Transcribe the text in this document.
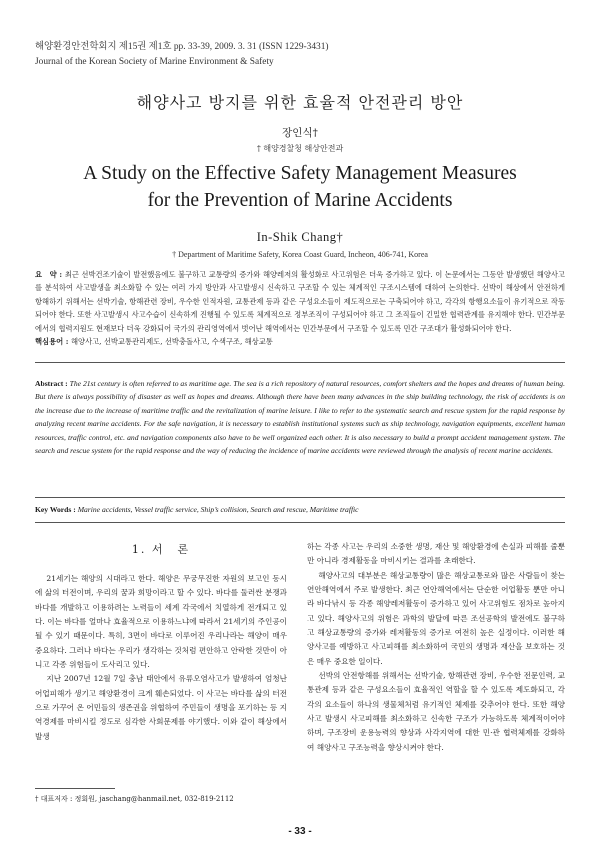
해양환경안전학회지 제15권 제1호 pp. 33-39, 2009. 3. 31 (ISSN 1229-3431)
Journal of the Korean Society of Marine Environment & Safety
해양사고 방지를 위한 효율적 안전관리 방안
장인식†
† 해양경찰청 해상안전과
A Study on the Effective Safety Management Measures
for the Prevention of Marine Accidents
In-Shik Chang†
† Department of Maritime Safety, Korea Coast Guard, Incheon, 406-741, Korea
요　약 : 최근 선박건조기술이 발전했음에도 불구하고 교통량의 증가와 해양레저의 활성화로 사고위험은 더욱 증가하고 있다. 이 논문에서는 그동안 발생했던 해양사고를 분석하여 사고발생을 최소화할 수 있는 여러 가지 방안과 사고발생시 신속하고 구조할 수 있는 체계적인 구조시스템에 대하여 논의한다. 선박이 해상에서 안전하게 항해하기 위해서는 선박기술, 항해관련 장비, 우수한 인적자원, 교통관제 등과 같은 구성요소들이 제도적으로는 구축되어야 하고, 각각의 항행요소들이 유기적으로 작동되어야 한다. 또한 사고발생시 사고수습이 신속하게 진행될 수 있도록 체계적으로 정부조직이 구성되어야 하고 그 조직들이 긴밀한 협력관계를 유지해야 한다. 민간부문에서의 협력지원도 현재보다 더욱 강화되어 국가의 관리영역에서 벗어난 해역에서는 민간부문에서 구조할 수 있도록 민간 구조대가 활성화되어야 한다.
핵심용어 : 해양사고, 선박교통관리제도, 선박충돌사고, 수색구조, 해상교통
Abstract : The 21st century is often referred to as maritime age. The sea is a rich repository of natural resources, comfort shelters and the hopes and dreams of human being. But there is always possibility of disaster as well as hopes and dreams. Although there have been many advances in the ship building technology, the risk of accidents is on the increase due to the increase of maritime traffic and the revitalization of marine leisure. I like to refer to the systematic search and rescue system for the rapid response by analyzing recent marine accidents. For the safe navigation, it is necessary to establish institutional systems such as ship technology, navigation equipments, excellent human resources, traffic control, etc. and navigation components also have to be well organized each other. It is also necessary to build a prompt accident management system. The search and rescue system for the rapid response and the way of reducing the incidence of marine accidents were reviewed through the analysis of recent marine accidents.
Key Words : Marine accidents, Vessel traffic service, Ship’s collision, Search and rescue, Maritime traffic
1. 서　론

21세기는 해양의 시대라고 한다. 해양은 무궁무진한 자원의 보고인 동시에 삶의 터전이며, 우리의 꿈과 희망이라고 할 수 있다. 바다를 둘러싼 분쟁과 바다를 개발하고 이용하려는 노력들이 세계 각국에서 치열하게 전개되고 있다. 이는 바다를 얼마나 효율적으로 이용하느냐에 따라서 21세기의 주인공이 될 수 있기 때문이다. 특히, 3면이 바다로 이루어진 우리나라는 해양이 매우 중요하다. 그러나 바다는 우리가 생각하는 것처럼 편안하고 안락한 것만이 아니고 각종 위험들이 도사리고 있다.

지난 2007년 12월 7일 충남 태안에서 유류오염사고가 발생하여 엄청난 어업피해가 생기고 해양환경이 크게 훼손되었다. 이 사고는 바다를 삶의 터전으로 가꾸어 온 어민들의 생존권을 위협하여 주민들이 생명을 포기하는 등 지역경제를 마비시킬 정도로 심각한 사회문제를 야기했다. 이와 같이 해상에서 발생

하는 각종 사고는 우리의 소중한 생명, 재산 및 해양환경에 손실과 피해를 줄뿐만 아니라 경제활동을 마비시키는 결과를 초래한다.

해양사고의 대부분은 해상교통량이 많은 해상교통로와 많은 사람들이 찾는 연안해역에서 주로 발생한다. 최근 연안해역에서는 단순한 어업활동 뿐만 아니라 바다낚시 등 각종 해양레저활동이 증가하고 있어 사고위험도 점차로 높아지고 있다. 해양사고의 위험은 과학의 발달에 따른 조선공학의 발전에도 불구하고 해상교통량의 증가와 레저활동의 증가로 여전히 높은 실정이다. 이러한 해양사고를 예방하고 사고피해를 최소화하여 국민의 생명과 재산을 보호하는 것은 매우 중요한 일이다.

선박의 안전항해를 위해서는 선박기술, 항해관련 장비, 우수한 전문인력, 교통관제 등과 같은 구성요소들이 효율적인 역할을 할 수 있도록 제도화되고, 각각의 요소들이 하나의 생물체처럼 유기적인 체제를 갖추어야 한다. 또한 해양사고 발생시 사고피해를 최소화하고 신속한 구조가 가능하도록 체계적이어야 하며, 구조장비 운용능력의 향상과 사각지역에 대한 민·관 협력체제를 강화하여 해양사고 구조능력을 향상시켜야 한다.

† 대표저자 : 정회원, jaschang@hanmail.net, 032-819-2112
- 33 -
